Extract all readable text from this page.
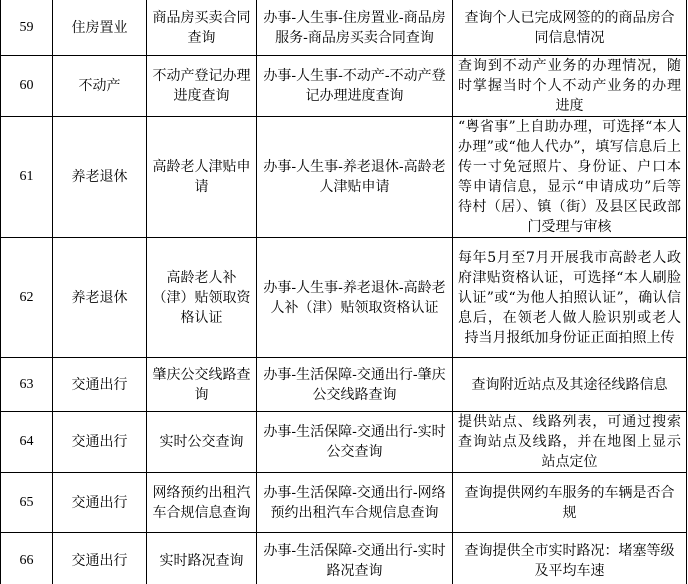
59	住房置业	商品房买卖合同查询	办事-人生事-住房置业-商品房服务-商品房买卖合同查询	查询个人已完成网签的的商品房合同信息情况
60	不动产	不动产登记办理进度查询	办事-人生事-不动产-不动产登记办理进度查询	查询到不动产业务的办理情况，随时掌握当时个人不动产业务的办理进度
61	养老退休	高龄老人津贴申请	办事-人生事-养老退休-高龄老人津贴申请	“粤省事”上自助办理，可选择“本人办理”或“他人代办”，填写信息后上传一寸免冠照片、身份证、户口本等申请信息，显示“申请成功”后等待村（居）、镇（街）及县区民政部门受理与审核
62	养老退休	高龄老人补（津）贴领取资格认证	办事-人生事-养老退休-高龄老人补（津）贴领取资格认证	每年5月至7月开展我市高龄老人政府津贴资格认证，可选择“本人刷脸认证”或“为他人拍照认证”，确认信息后，在领老人做人脸识别或老人持当月报纸加身份证正面拍照上传
63	交通出行	肇庆公交线路查询	办事-生活保障-交通出行-肇庆公交线路查询	查询附近站点及其途径线路信息
64	交通出行	实时公交查询	办事-生活保障-交通出行-实时公交查询	提供站点、线路列表，可通过搜索查询站点及线路，并在地图上显示站点定位
65	交通出行	网络预约出租汽车合规信息查询	办事-生活保障-交通出行-网络预约出租汽车合规信息查询	查询提供网约车服务的车辆是否合规
66	交通出行	实时路况查询	办事-生活保障-交通出行-实时路况查询	查询提供全市实时路况：堵塞等级及平均车速
